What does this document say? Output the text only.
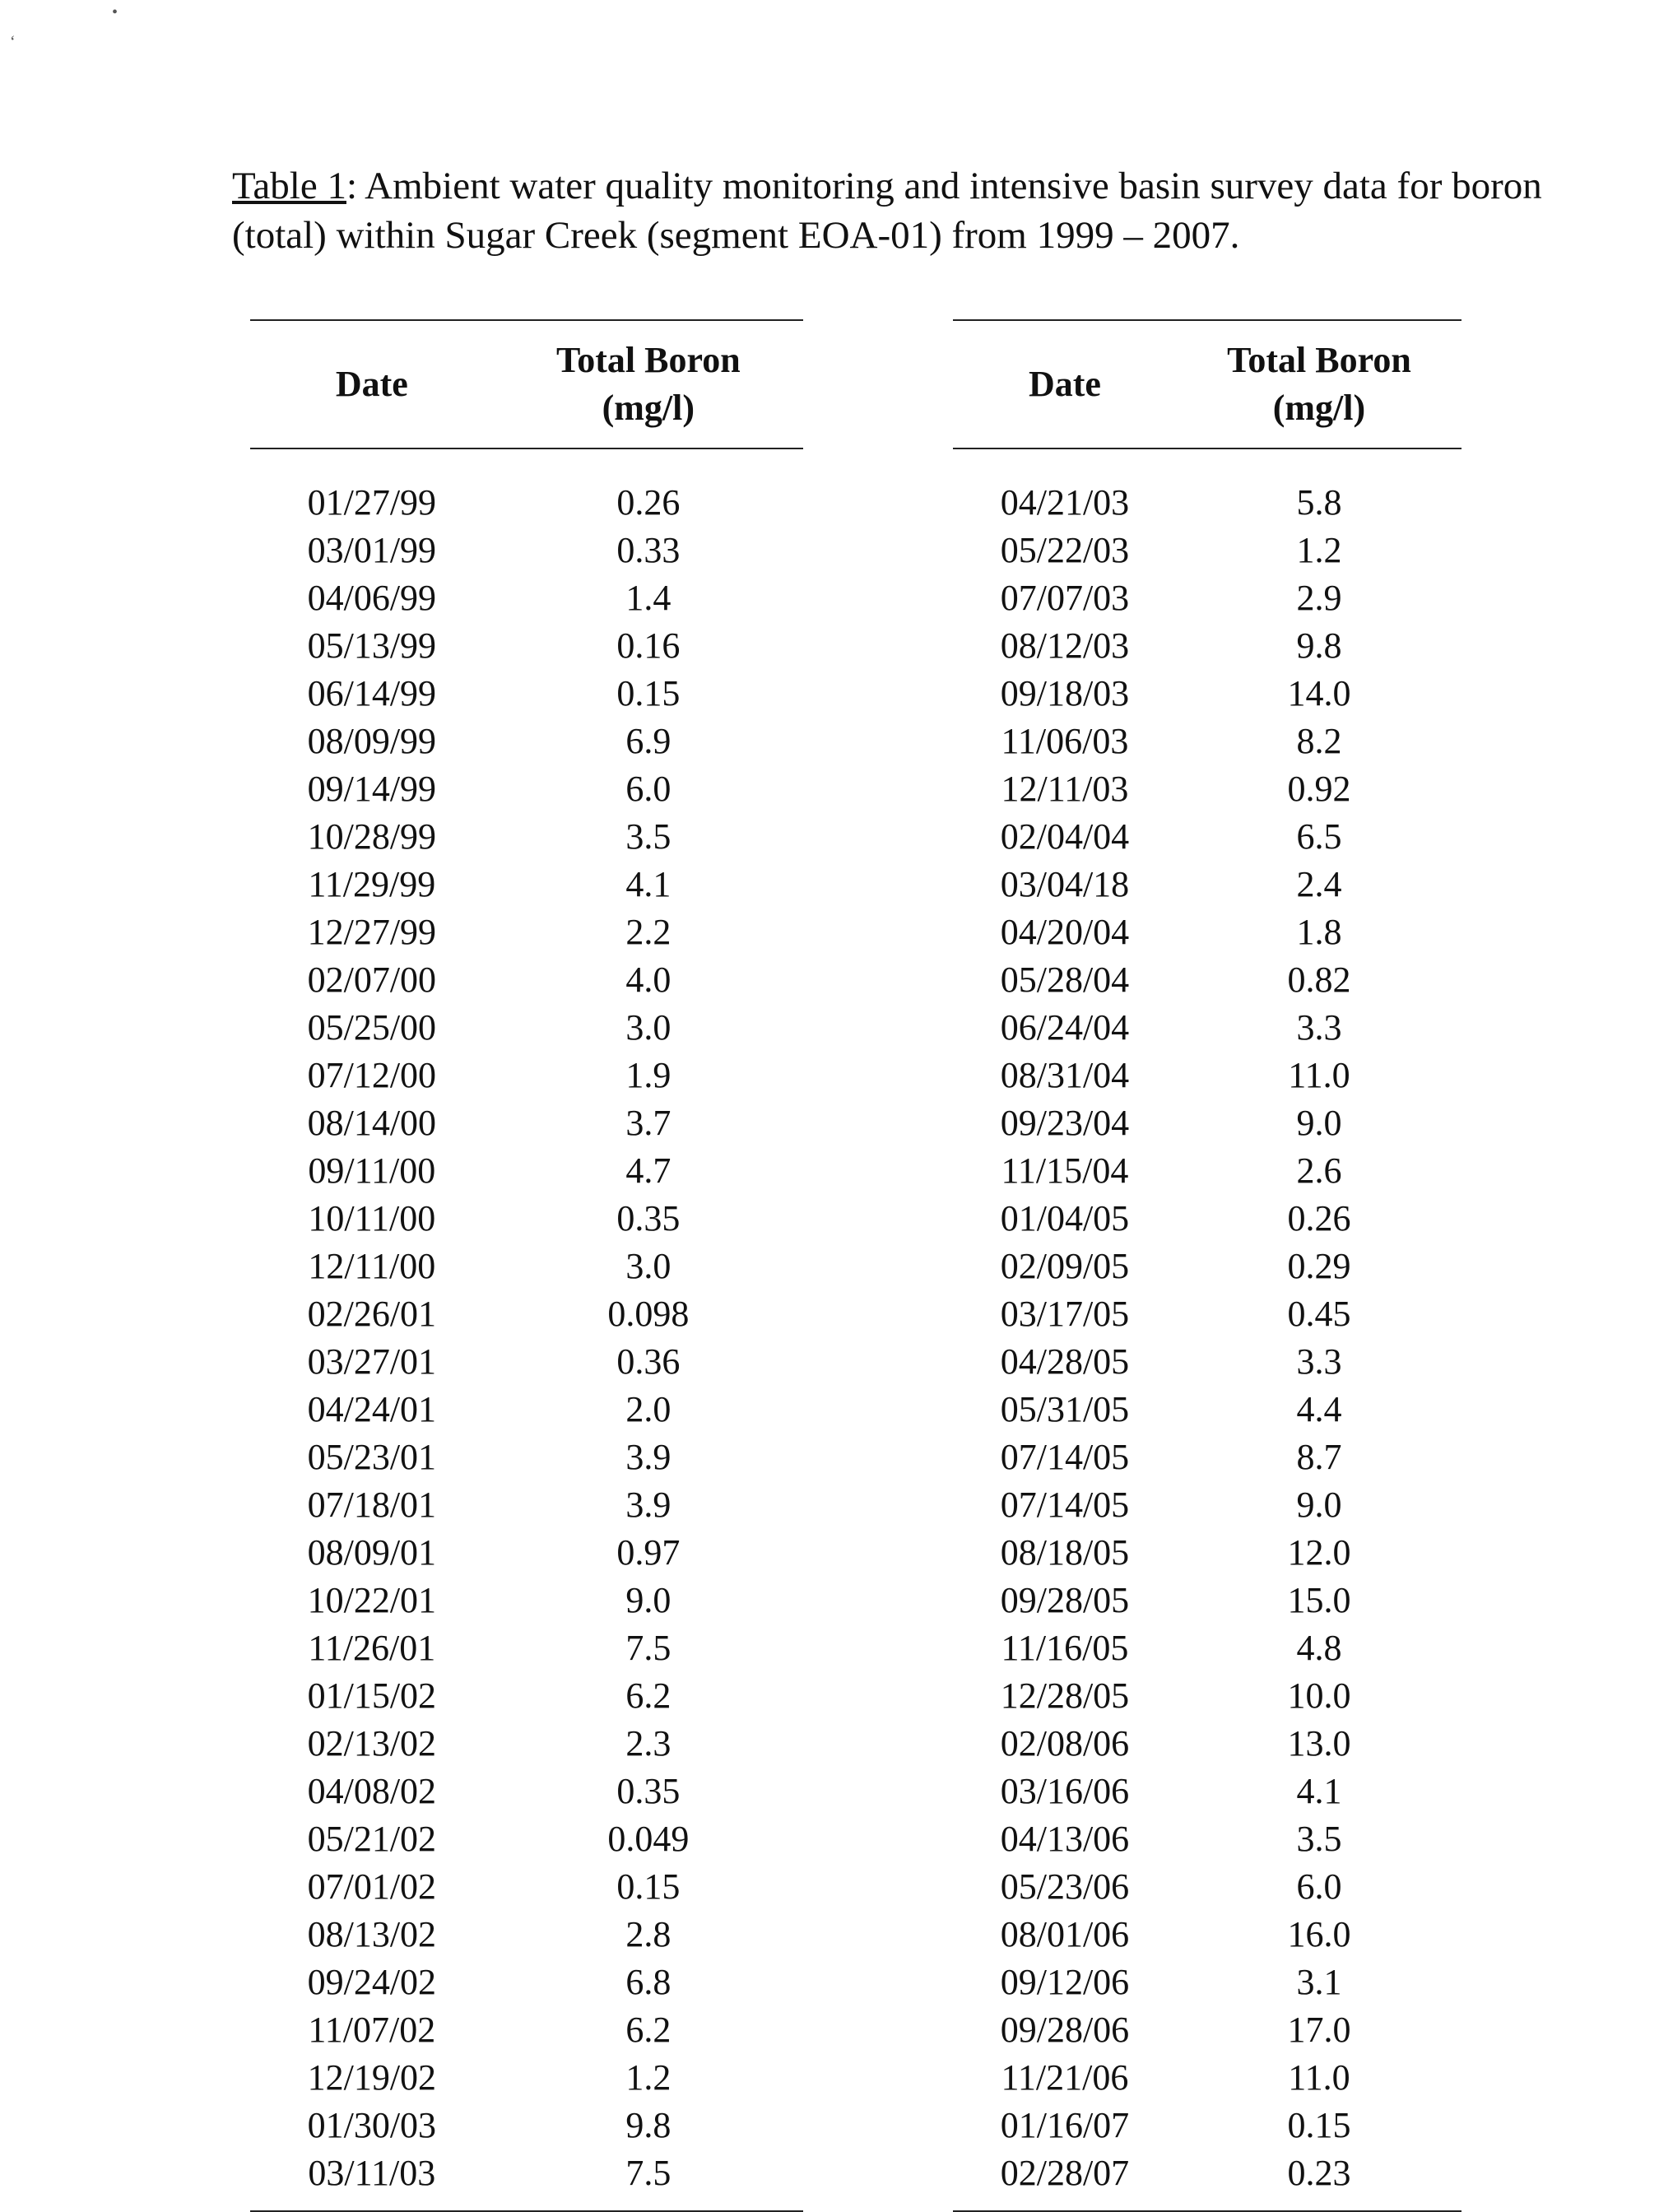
‘
•
Table 1: Ambient water quality monitoring and intensive basin survey data for boron (total) within Sugar Creek (segment EOA-01) from 1999 – 2007.
Date
Total Boron
(mg/l)
01/27/99	0.26
03/01/99	0.33
04/06/99	1.4
05/13/99	0.16
06/14/99	0.15
08/09/99	6.9
09/14/99	6.0
10/28/99	3.5
11/29/99	4.1
12/27/99	2.2
02/07/00	4.0
05/25/00	3.0
07/12/00	1.9
08/14/00	3.7
09/11/00	4.7
10/11/00	0.35
12/11/00	3.0
02/26/01	0.098
03/27/01	0.36
04/24/01	2.0
05/23/01	3.9
07/18/01	3.9
08/09/01	0.97
10/22/01	9.0
11/26/01	7.5
01/15/02	6.2
02/13/02	2.3
04/08/02	0.35
05/21/02	0.049
07/01/02	0.15
08/13/02	2.8
09/24/02	6.8
11/07/02	6.2
12/19/02	1.2
01/30/03	9.8
03/11/03	7.5
Date
Total Boron
(mg/l)
04/21/03	5.8
05/22/03	1.2
07/07/03	2.9
08/12/03	9.8
09/18/03	14.0
11/06/03	8.2
12/11/03	0.92
02/04/04	6.5
03/04/18	2.4
04/20/04	1.8
05/28/04	0.82
06/24/04	3.3
08/31/04	11.0
09/23/04	9.0
11/15/04	2.6
01/04/05	0.26
02/09/05	0.29
03/17/05	0.45
04/28/05	3.3
05/31/05	4.4
07/14/05	8.7
07/14/05	9.0
08/18/05	12.0
09/28/05	15.0
11/16/05	4.8
12/28/05	10.0
02/08/06	13.0
03/16/06	4.1
04/13/06	3.5
05/23/06	6.0
08/01/06	16.0
09/12/06	3.1
09/28/06	17.0
11/21/06	11.0
01/16/07	0.15
02/28/07	0.23
